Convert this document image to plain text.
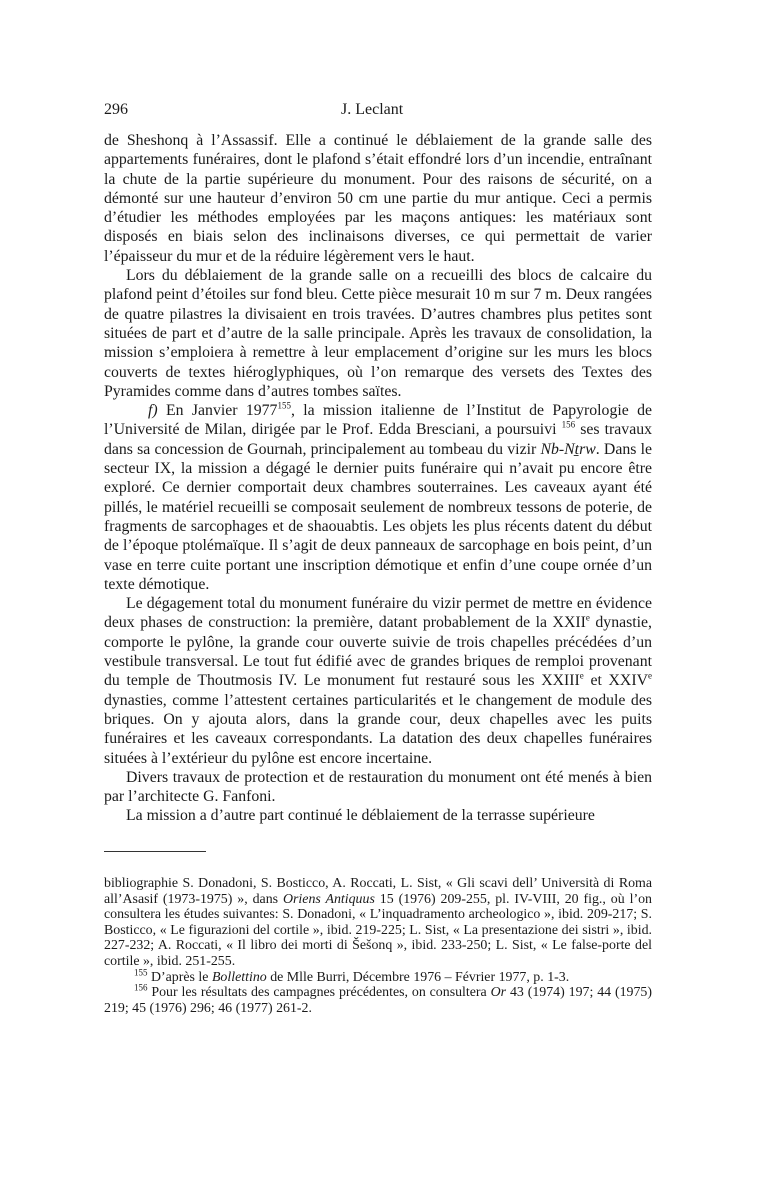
296	J. Leclant

de Sheshonq à l’Assassif. Elle a continué le déblaiement de la grande salle des appartements funéraires, dont le plafond s’était effondré lors d’un incendie, entraînant la chute de la partie supérieure du monument. Pour des raisons de sécurité, on a démonté sur une hauteur d’environ 50 cm une partie du mur antique. Ceci a permis d’étudier les méthodes employées par les maçons antiques: les matériaux sont disposés en biais selon des inclinaisons diverses, ce qui permettait de varier l’épaisseur du mur et de la réduire légèrement vers le haut.

Lors du déblaiement de la grande salle on a recueilli des blocs de calcaire du plafond peint d’étoiles sur fond bleu. Cette pièce mesurait 10 m sur 7 m. Deux rangées de quatre pilastres la divisaient en trois travées. D’autres chambres plus petites sont situées de part et d’autre de la salle principale. Après les travaux de consolidation, la mission s’emploiera à remettre à leur emplacement d’origine sur les murs les blocs couverts de textes hiéroglyphiques, où l’on remarque des versets des Textes des Pyramides comme dans d’autres tombes saïtes.

f) En Janvier 1977$^{155}$, la mission italienne de l’Institut de Papyrologie de l’Université de Milan, dirigée par le Prof. Edda Bresciani, a poursuivi $^{156}$ ses travaux dans sa concession de Gournah, principalement au tombeau du vizir Nb-Nṯrw. Dans le secteur IX, la mission a dégagé le dernier puits funéraire qui n’avait pu encore être exploré. Ce dernier comportait deux chambres souterraines. Les caveaux ayant été pillés, le matériel recueilli se composait seulement de nombreux tessons de poterie, de fragments de sarcophages et de shaouabtis. Les objets les plus récents datent du début de l’époque ptolémaïque. Il s’agit de deux panneaux de sarcophage en bois peint, d’un vase en terre cuite portant une inscription démotique et enfin d’une coupe ornée d’un texte démotique.

Le dégagement total du monument funéraire du vizir permet de mettre en évidence deux phases de construction: la première, datant probablement de la XXIIe dynastie, comporte le pylône, la grande cour ouverte suivie de trois chapelles précédées d’un vestibule transversal. Le tout fut édifié avec de grandes briques de remploi provenant du temple de Thoutmosis IV. Le monument fut restauré sous les XXIIIe et XXIVe dynasties, comme l’attestent certaines particularités et le changement de module des briques. On y ajouta alors, dans la grande cour, deux chapelles avec les puits funéraires et les caveaux correspondants. La datation des deux chapelles funéraires situées à l’extérieur du pylône est encore incertaine.

Divers travaux de protection et de restauration du monument ont été menés à bien par l’architecte G. Fanfoni.

La mission a d’autre part continué le déblaiement de la terrasse supérieure

bibliographie S. Donadoni, S. Bosticco, A. Roccati, L. Sist, « Gli scavi dell’ Università di Roma all’Asasif (1973-1975) », dans Oriens Antiquus 15 (1976) 209-255, pl. IV-VIII, 20 fig., où l’on consultera les études suivantes: S. Donadoni, « L’inquadramento archeologico », ibid. 209-217; S. Bosticco, « Le figurazioni del cortile », ibid. 219-225; L. Sist, « La presentazione dei sistri », ibid. 227-232; A. Roccati, « Il libro dei morti di Šešonq », ibid. 233-250; L. Sist, « Le false-porte del cortile », ibid. 251-255.

$^{155}$ D’après le Bollettino de Mlle Burri, Décembre 1976 – Février 1977, p. 1-3.

$^{156}$ Pour les résultats des campagnes précédentes, on consultera Or 43 (1974) 197; 44 (1975) 219; 45 (1976) 296; 46 (1977) 261-2.
